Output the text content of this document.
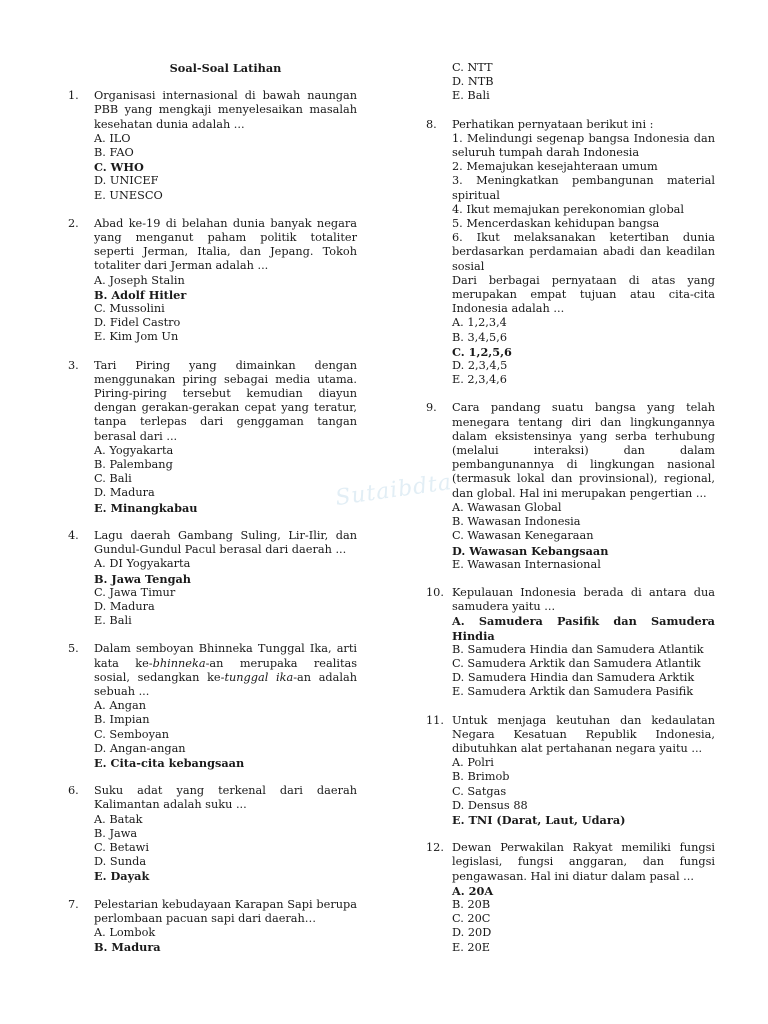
Sutaibdta
Soal-Soal Latihan
1.	Organisasi internasional di bawah naungan PBB yang mengkaji menyelesaikan masalah kesehatan dunia adalah ...
A. ILO
B. FAO
C. WHO
D. UNICEF
E. UNESCO
2.	Abad ke-19 di belahan dunia banyak negara yang menganut paham politik totaliter seperti Jerman, Italia, dan Jepang. Tokoh totaliter dari Jerman adalah ...
A. Joseph Stalin
B. Adolf Hitler
C. Mussolini
D. Fidel Castro
E. Kim Jom Un
3.	Tari Piring yang dimainkan dengan menggunakan piring sebagai media utama. Piring-piring tersebut kemudian diayun dengan gerakan-gerakan cepat yang teratur, tanpa terlepas dari genggaman tangan berasal dari ...
A. Yogyakarta
B. Palembang
C. Bali
D. Madura
E. Minangkabau
4.	Lagu daerah Gambang Suling, Lir-Ilir, dan Gundul-Gundul Pacul berasal dari daerah ...
A. DI Yogyakarta
B. Jawa Tengah
C. Jawa Timur
D. Madura
E. Bali
5.	Dalam semboyan Bhinneka Tunggal Ika, arti kata ke-bhinneka-an merupaka realitas sosial, sedangkan ke-tunggal ika-an adalah sebuah ...
A. Angan
B. Impian
C. Semboyan
D. Angan-angan
E. Cita-cita kebangsaan
6.	Suku adat yang terkenal dari daerah Kalimantan adalah suku ...
A. Batak
B. Jawa
C. Betawi
D. Sunda
E. Dayak
7.	Pelestarian kebudayaan Karapan Sapi berupa perlombaan pacuan sapi dari daerah…
A. Lombok
B. Madura
C. NTT
D. NTB
E. Bali
8.	Perhatikan pernyataan berikut ini :
1. Melindungi segenap bangsa Indonesia dan seluruh tumpah darah Indonesia
2. Memajukan kesejahteraan umum
3. Meningkatkan pembangunan material spiritual
4. Ikut memajukan perekonomian global
5. Mencerdaskan kehidupan bangsa
6. Ikut melaksanakan ketertiban dunia berdasarkan perdamaian abadi dan keadilan sosial
Dari berbagai pernyataan di atas yang merupakan empat tujuan atau cita-cita Indonesia adalah ...
A. 1,2,3,4
B. 3,4,5,6
C. 1,2,5,6
D. 2,3,4,5
E. 2,3,4,6
9.	Cara pandang suatu bangsa yang telah menegara tentang diri dan lingkungannya dalam eksistensinya yang serba terhubung (melalui interaksi) dan dalam pembangunannya di lingkungan nasional (termasuk lokal dan provinsional), regional, dan global. Hal ini merupakan pengertian ...
A. Wawasan Global
B. Wawasan Indonesia
C. Wawasan Kenegaraan
D. Wawasan Kebangsaan
E. Wawasan Internasional
10. Kepulauan Indonesia berada di antara dua samudera yaitu ...
A. Samudera Pasifik dan Samudera Hindia
B. Samudera Hindia dan Samudera Atlantik
C. Samudera Arktik dan Samudera Atlantik
D. Samudera Hindia dan Samudera Arktik
E. Samudera Arktik dan Samudera Pasifik
11. Untuk menjaga keutuhan dan kedaulatan Negara Kesatuan Republik Indonesia, dibutuhkan alat pertahanan negara yaitu ...
A. Polri
B. Brimob
C. Satgas
D. Densus 88
E. TNI (Darat, Laut, Udara)
12. Dewan Perwakilan Rakyat memiliki fungsi legislasi, fungsi anggaran, dan fungsi pengawasan. Hal ini diatur dalam pasal ...
A. 20A
B. 20B
C. 20C
D. 20D
E. 20E
